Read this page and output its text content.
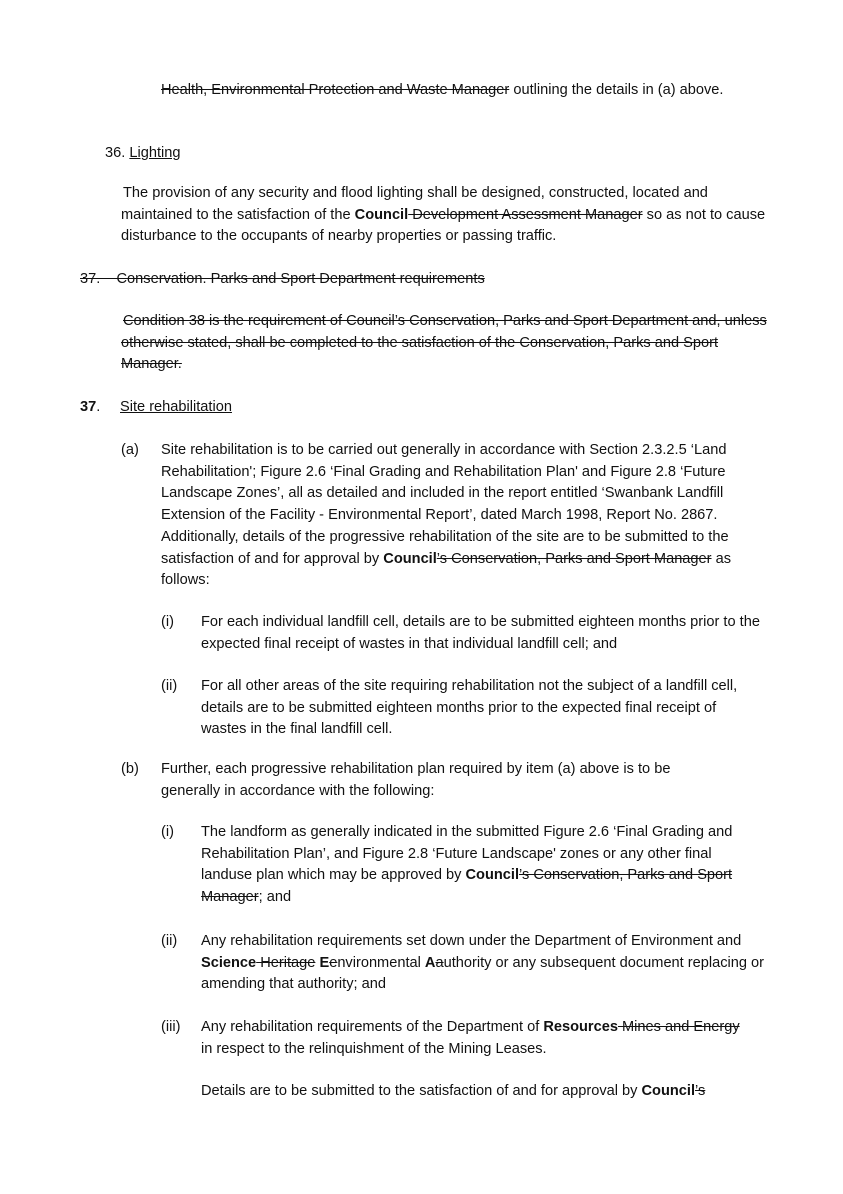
Health, Environmental Protection and Waste Manager outlining the details in (a) above.

36. Lighting

The provision of any security and flood lighting shall be designed, constructed, located and maintained to the satisfaction of the Council Development Assessment Manager so as not to cause disturbance to the occupants of nearby properties or passing traffic.

37.    Conservation. Parks and Sport Department requirements

Condition 38 is the requirement of Council’s Conservation, Parks and Sport Department and, unless otherwise stated, shall be completed to the satisfaction of the Conservation, Parks and Sport Manager.

37. Site rehabilitation
(a) Site rehabilitation is to be carried out generally in accordance with Section 2.3.2.5 ‘Land Rehabilitation'; Figure 2.6 ‘Final Grading and Rehabilitation Plan' and Figure 2.8 ‘Future Landscape Zones’, all as detailed and included in the report entitled ‘Swanbank Landfill Extension of the Facility - Environmental Report’, dated March 1998, Report No. 2867. Additionally, details of the progressive rehabilitation of the site are to be submitted to the satisfaction of and for approval by Council’s Conservation, Parks and Sport Manager as follows:

(i) For each individual landfill cell, details are to be submitted eighteen months prior to the expected final receipt of wastes in that individual landfill cell; and

(ii) For all other areas of the site requiring rehabilitation not the subject of a landfill cell, details are to be submitted eighteen months prior to the expected final receipt of wastes in the final landfill cell.

(b) Further, each progressive rehabilitation plan required by item (a) above is to be generally in accordance with the following:

(i) The landform as generally indicated in the submitted Figure 2.6 ‘Final Grading and Rehabilitation Plan’, and Figure 2.8 ‘Future Landscape' zones or any other final landuse plan which may be approved by Council’s Conservation, Parks and Sport Manager; and

(ii) Any rehabilitation requirements set down under the Department of Environment and Science Heritage Eenvironmental Aauthority or any subsequent document replacing or amending that authority; and

(iii) Any rehabilitation requirements of the Department of Resources Mines and Energy in respect to the relinquishment of the Mining Leases.

Details are to be submitted to the satisfaction of and for approval by Council’s
